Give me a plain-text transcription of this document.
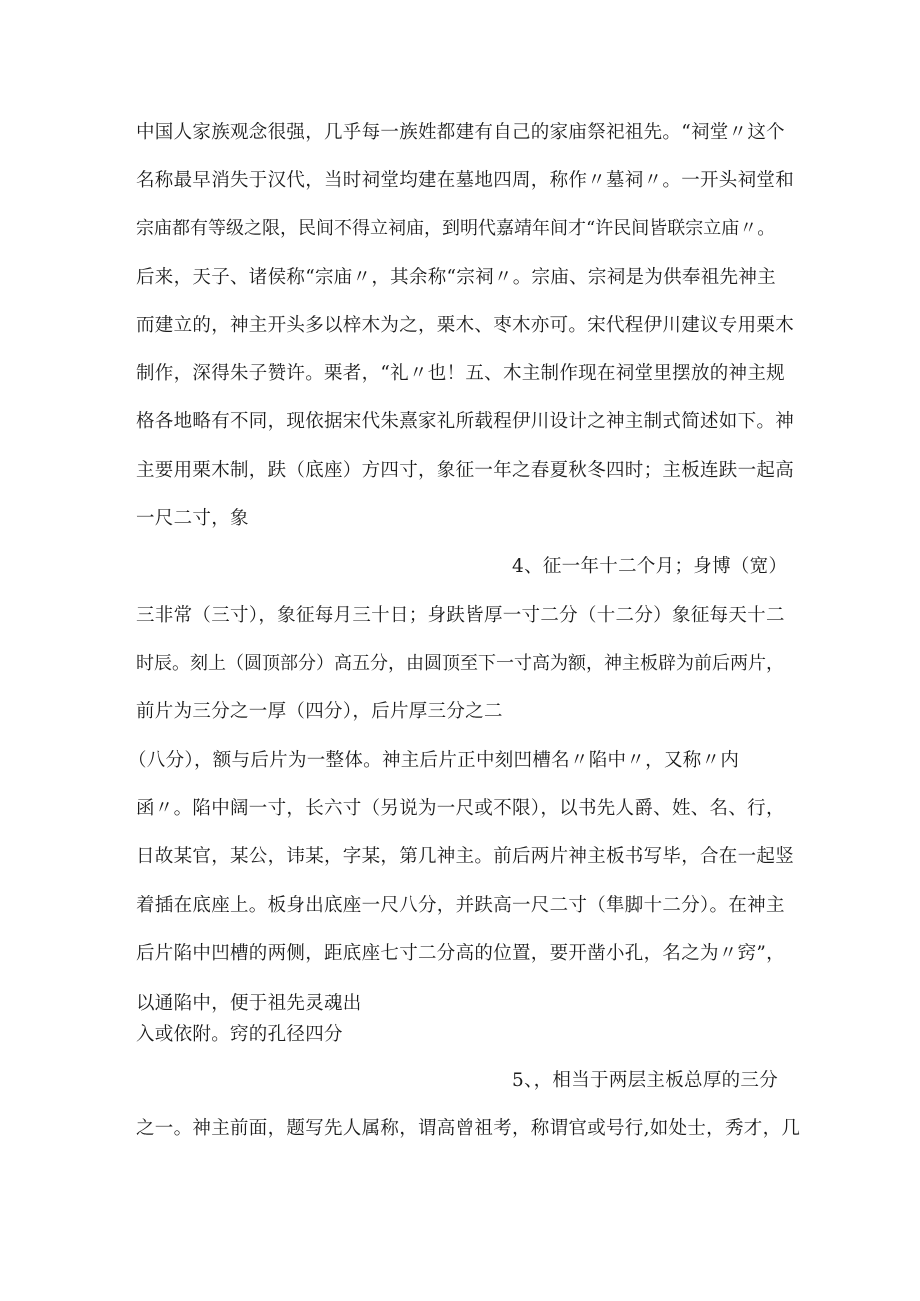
中国人家族观念很强，几乎每一族姓都建有自己的家庙祭祀祖先。“祠堂〃这个
名称最早消失于汉代，当时祠堂均建在墓地四周，称作〃墓祠〃。一开头祠堂和
宗庙都有等级之限，民间不得立祠庙，到明代嘉靖年间才“许民间皆联宗立庙〃。
后来，天子、诸侯称“宗庙〃，其余称“宗祠〃。宗庙、宗祠是为供奉祖先神主
而建立的，神主开头多以梓木为之，栗木、枣木亦可。宋代程伊川建议专用栗木
制作，深得朱子赞许。栗者，“礼〃也！五、木主制作现在祠堂里摆放的神主规
格各地略有不同，现依据宋代朱熹家礼所载程伊川设计之神主制式简述如下。神
主要用栗木制，趺（底座）方四寸，象征一年之春夏秋冬四时；主板连趺一起高
一尺二寸，象
4、征一年十二个月；身博（宽）
三非常（三寸），象征每月三十日；身趺皆厚一寸二分（十二分）象征每天十二
时辰。刻上（圆顶部分）高五分，由圆顶至下一寸高为额，神主板辟为前后两片，
前片为三分之一厚（四分），后片厚三分之二
（八分），额与后片为一整体。神主后片正中刻凹槽名〃陷中〃，又称〃内
函〃。陷中阔一寸，长六寸（另说为一尺或不限），以书先人爵、姓、名、行，
日故某官，某公，讳某，字某，第几神主。前后两片神主板书写毕，合在一起竖
着插在底座上。板身出底座一尺八分，并趺高一尺二寸（隼脚十二分）。在神主
后片陷中凹槽的两侧，距底座七寸二分高的位置，要开凿小孔，名之为〃窍”，
以通陷中，便于祖先灵魂出
入或依附。窍的孔径四分
5、，相当于两层主板总厚的三分
之一。神主前面，题写先人属称，谓高曾祖考，称谓官或号行,如处士，秀才，几
